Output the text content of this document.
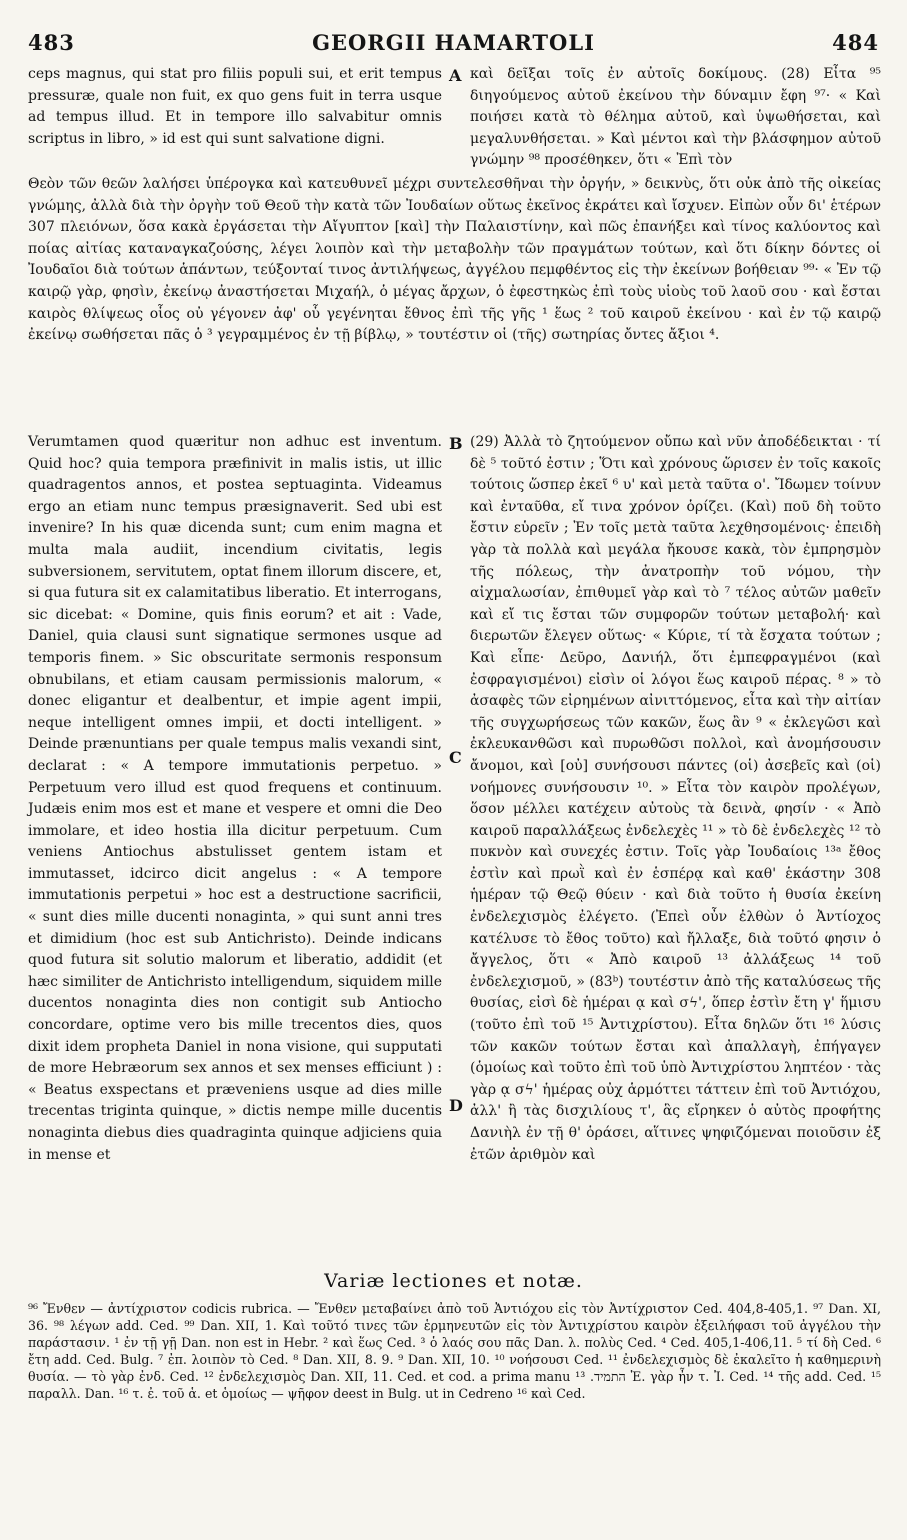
483	GEORGII HAMARTOLI	484

ceps magnus, qui stat pro filiis populi sui, et erit tempus pressuræ, quale non fuit, ex quo gens fuit in terra usque ad tempus illud. Et in tempore illo salvabitur omnis scriptus in libro, » id est qui sunt salvatione digni.

A καὶ δεῖξαι τοῖς ἐν αὐτοῖς δοκίμους. (28) Εἶτα ⁹⁵ διηγούμενος αὐτοῦ ἐκείνου τὴν δύναμιν ἔφη ⁹⁷· « Καὶ ποιήσει κατὰ τὸ θέλημα αὐτοῦ, καὶ ὑψωθήσεται, καὶ μεγαλυνθήσεται. » Καὶ μέντοι καὶ τὴν βλάσφημον αὐτοῦ γνώμην ⁹⁸ προσέθηκεν, ὅτι « Ἐπὶ τὸν

Θεὸν τῶν θεῶν λαλήσει ὑπέρογκα καὶ κατευθυνεῖ μέχρι συντελεσθῆναι τὴν ὀργήν, » δεικνὺς, ὅτι οὐκ ἀπὸ τῆς οἰκείας γνώμης, ἀλλὰ διὰ τὴν ὀργὴν τοῦ Θεοῦ τὴν κατὰ τῶν Ἰουδαίων οὕτως ἐκεῖνος ἐκράτει καὶ ἴσχυεν. Εἰπὼν οὖν δι' ἑτέρων 307 πλειόνων, ὅσα κακὰ ἐργάσεται τὴν Αἴγυπτον [καὶ] τὴν Παλαιστίνην, καὶ πῶς ἐπανήξει καὶ τίνος καλύοντος καὶ ποίας αἰτίας καταναγκαζούσης, λέγει λοιπὸν καὶ τὴν μεταβολὴν τῶν πραγμάτων τούτων, καὶ ὅτι δίκην δόντες οἱ Ἰουδαῖοι διὰ τούτων ἁπάντων, τεύξονταί τινος ἀντιλήψεως, ἀγγέλου πεμφθέντος εἰς τὴν ἐκείνων βοήθειαν ⁹⁹· « Ἐν τῷ καιρῷ γὰρ, φησὶν, ἐκείνῳ ἀναστήσεται Μιχαήλ, ὁ μέγας ἄρχων, ὁ ἐφεστηκὼς ἐπὶ τοὺς υἱοὺς τοῦ λαοῦ σου · καὶ ἔσται καιρὸς θλίψεως οἷος οὐ γέγονεν ἀφ' οὗ γεγένηται ἔθνος ἐπὶ τῆς γῆς ¹ ἕως ² τοῦ καιροῦ ἐκείνου · καὶ ἐν τῷ καιρῷ ἐκείνῳ σωθήσεται πᾶς ὁ ³ γεγραμμένος ἐν τῇ βίβλῳ, » τουτέστιν οἱ (τῆς) σωτηρίας ὄντες ἄξιοι ⁴.

Verumtamen quod quæritur non adhuc est inventum. Quid hoc? quia tempora præfinivit in malis istis, ut illic quadragentos annos, et postea septuaginta. Videamus ergo an etiam nunc tempus præsignaverit. Sed ubi est invenire? In his quæ dicenda sunt; cum enim magna et multa mala audiit, incendium civitatis, legis subversionem, servitutem, optat finem illorum discere, et, si qua futura sit ex calamitatibus liberatio. Et interrogans, sic dicebat: « Domine, quis finis eorum? et ait : Vade, Daniel, quia clausi sunt signatique sermones usque ad temporis finem. » Sic obscuritate sermonis responsum obnubilans, et etiam causam permissionis malorum, « donec eligantur et dealbentur, et impie agent impii, neque intelligent omnes impii, et docti intelligent. » Deinde prænuntians per quale tempus malis vexandi sint, declarat : « A tempore immutationis perpetuo. » Perpetuum vero illud est quod frequens et continuum. Judæis enim mos est et mane et vespere et omni die Deo immolare, et ideo hostia illa dicitur perpetuum. Cum veniens Antiochus abstulisset gentem istam et immutasset, idcirco dicit angelus : « A tempore immutationis perpetui » hoc est a destructione sacrificii, « sunt dies mille ducenti nonaginta, » qui sunt anni tres et dimidium (hoc est sub Antichristo). Deinde indicans quod futura sit solutio malorum et liberatio, addidit (et hæc similiter de Antichristo intelligendum, siquidem mille ducentos nonaginta dies non contigit sub Antiocho concordare, optime vero bis mille trecentos dies, quos dixit idem propheta Daniel in nona visione, qui supputati de more Hebræorum sex annos et sex menses efficiunt ) : « Beatus exspectans et præveniens usque ad dies mille trecentas triginta quinque, » dictis nempe mille ducentis nonaginta diebus dies quadraginta quinque adjiciens quia in mense et

B
C
D

(29) Ἀλλὰ τὸ ζητούμενον οὔπω καὶ νῦν ἀποδέδεικται · τί δὲ ⁵ τοῦτό ἐστιν ; Ὅτι καὶ χρόνους ὥρισεν ἐν τοῖς κακοῖς τούτοις ὥσπερ ἐκεῖ ⁶ υ' καὶ μετὰ ταῦτα ο'. Ἴδωμεν τοίνυν καὶ ἐνταῦθα, εἴ τινα χρόνον ὁρίζει. (Καὶ) ποῦ δὴ τοῦτο ἔστιν εὑρεῖν ; Ἐν τοῖς μετὰ ταῦτα λεχθησομένοις· ἐπειδὴ γὰρ τὰ πολλὰ καὶ μεγάλα ἤκουσε κακὰ, τὸν ἐμπρησμὸν τῆς πόλεως, τὴν ἀνατροπὴν τοῦ νόμου, τὴν αἰχμαλωσίαν, ἐπιθυμεῖ γὰρ καὶ τὸ ⁷ τέλος αὐτῶν μαθεῖν καὶ εἴ τις ἔσται τῶν συμφορῶν τούτων μεταβολή· καὶ διερωτῶν ἔλεγεν οὕτως· « Κύριε, τί τὰ ἔσχατα τούτων ; Καὶ εἶπε· Δεῦρο, Δανιήλ, ὅτι ἐμπεφραγμένοι (καὶ ἐσφραγισμένοι) εἰσὶν οἱ λόγοι ἕως καιροῦ πέρας. ⁸ » τὸ ἀσαφὲς τῶν εἰρημένων αἰνιττόμενος, εἶτα καὶ τὴν αἰτίαν τῆς συγχωρήσεως τῶν κακῶν, ἕως ἂν ⁹ « ἐκλεγῶσι καὶ ἐκλευκανθῶσι καὶ πυρωθῶσι πολλοὶ, καὶ ἀνομήσουσιν ἄνομοι, καὶ [οὐ] συνήσουσι πάντες (οἱ) ἀσεβεῖς καὶ (οἱ) νοήμονες συνήσουσιν ¹⁰. » Εἶτα τὸν καιρὸν προλέγων, ὅσον μέλλει κατέχειν αὐτοὺς τὰ δεινὰ, φησίν · « Ἀπὸ καιροῦ παραλλάξεως ἐνδελεχὲς ¹¹ » τὸ δὲ ἐνδελεχὲς ¹² τὸ πυκνὸν καὶ συνεχές ἐστιν. Τοῖς γὰρ Ἰουδαίοις ¹³ᵃ ἔθος ἐστὶν καὶ πρωῒ καὶ ἐν ἑσπέρᾳ καὶ καθ' ἑκάστην 308 ἡμέραν τῷ Θεῷ θύειν · καὶ διὰ τοῦτο ἡ θυσία ἐκείνη ἐνδελεχισμὸς ἐλέγετο. (Ἐπεὶ οὖν ἐλθὼν ὁ Ἀντίοχος κατέλυσε τὸ ἔθος τοῦτο) καὶ ἤλλαξε, διὰ τοῦτό φησιν ὁ ἄγγελος, ὅτι « Ἀπὸ καιροῦ ¹³ ἀλλάξεως ¹⁴ τοῦ ἐνδελεχισμοῦ, » (83ᵇ) τουτέστιν ἀπὸ τῆς καταλύσεως τῆς θυσίας, εἰσὶ δὲ ἡμέραι ᾳ καὶ σϟ', ὅπερ ἐστὶν ἔτη γ' ἥμισυ (τοῦτο ἐπὶ τοῦ ¹⁵ Ἀντιχρίστου). Εἶτα δηλῶν ὅτι ¹⁶ λύσις τῶν κακῶν τούτων ἔσται καὶ ἀπαλλαγὴ, ἐπήγαγεν (ὁμοίως καὶ τοῦτο ἐπὶ τοῦ ὑπὸ Ἀντιχρίστου ληπτέον · τὰς γὰρ ᾳ σϟ' ἡμέρας οὐχ ἁρμόττει τάττειν ἐπὶ τοῦ Ἀντιόχου, ἀλλ' ἢ τὰς δισχιλίους τ', ἃς εἴρηκεν ὁ αὐτὸς προφήτης Δανιὴλ ἐν τῇ θ' ὁράσει, αἵτινες ψηφιζόμεναι ποιοῦσιν ἐξ ἐτῶν ἀριθμὸν καὶ

Variæ lectiones et notæ.

⁹⁶ Ἔνθεν — ἀντίχριστον codicis rubrica. — Ἔνθεν μεταβαίνει ἀπὸ τοῦ Ἀντιόχου εἰς τὸν Ἀντίχριστον Ced. 404,8-405,1. ⁹⁷ Dan. XI, 36. ⁹⁸ λέγων add. Ced. ⁹⁹ Dan. XII, 1. Καὶ τοῦτό τινες τῶν ἑρμηνευτῶν εἰς τὸν Ἀντιχρίστου καιρὸν ἐξειλήφασι τοῦ ἀγγέλου τὴν παράστασιν. ¹ ἐν τῇ γῇ Dan. non est in Hebr. ² καὶ ἕως Ced. ³ ὁ λαός σου πᾶς Dan. λ. πολὺς Ced. ⁴ Ced. 405,1-406,11. ⁵ τί δὴ Ced. ⁶ ἔτη add. Ced. Bulg. ⁷ ἐπ. λοιπὸν τὸ Ced. ⁸ Dan. XII, 8. 9. ⁹ Dan. XII, 10. ¹⁰ νοήσουσι Ced. ¹¹ ἐνδελεχισμὸς δὲ ἐκαλεῖτο ἡ καθημερινὴ θυσία. — τὸ γὰρ ἐνδ. Ced. ¹² ἐνδελεχισμὸς Dan. XII, 11. Ced. et cod. a prima manu התמיד. ¹³ Ἐ. γὰρ ἦν τ. Ἰ. Ced. ¹⁴ τῆς add. Ced. ¹⁵ παραλλ. Dan. ¹⁶ τ. ἐ. τοῦ ἁ. et ὁμοίως — ψῆφον deest in Bulg. ut in Cedreno ¹⁶ καὶ Ced.
